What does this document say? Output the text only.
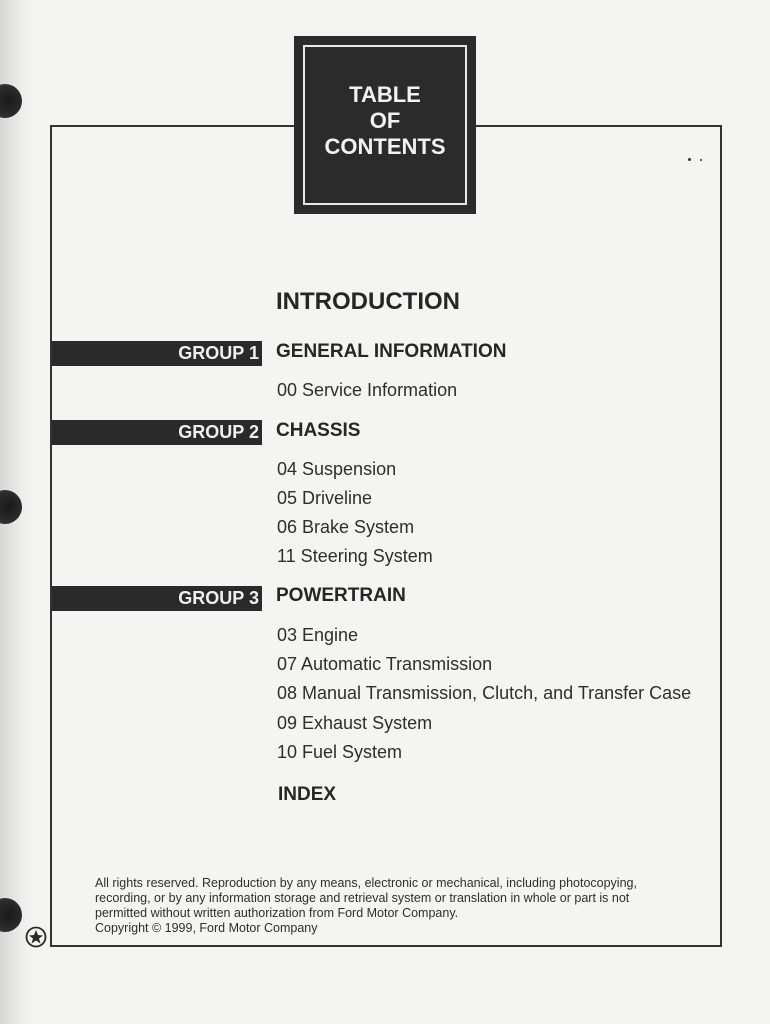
TABLE
OF
CONTENTS
INTRODUCTION
GROUP 1 GENERAL INFORMATION
00 Service Information
GROUP 2 CHASSIS
04 Suspension
05 Driveline
06 Brake System
11 Steering System
GROUP 3 POWERTRAIN
03 Engine
07 Automatic Transmission
08 Manual Transmission, Clutch, and Transfer Case
09 Exhaust System
10 Fuel System
INDEX

All rights reserved. Reproduction by any means, electronic or mechanical, including photocopying,

recording, or by any information storage and retrieval system or translation in whole or part is not

permitted without written authorization from Ford Motor Company.

Copyright © 1999, Ford Motor Company
